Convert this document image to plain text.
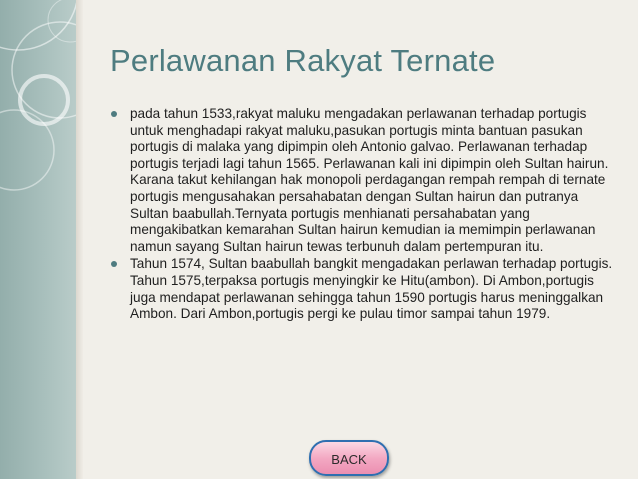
Perlawanan Rakyat Ternate
pada tahun 1533,rakyat maluku mengadakan perlawanan terhadap portugis untuk menghadapi rakyat maluku,pasukan portugis minta bantuan pasukan portugis di malaka yang dipimpin oleh Antonio galvao. Perlawanan terhadap portugis terjadi lagi tahun 1565. Perlawanan kali ini dipimpin oleh Sultan hairun. Karana takut kehilangan hak monopoli perdagangan rempah rempah di ternate portugis mengusahakan persahabatan dengan Sultan hairun dan putranya Sultan baabullah.Ternyata portugis menhianati persahabatan yang mengakibatkan kemarahan Sultan hairun kemudian ia memimpin perlawanan namun sayang Sultan hairun tewas terbunuh dalam pertempuran itu.
Tahun 1574, Sultan baabullah bangkit mengadakan perlawan terhadap portugis. Tahun 1575,terpaksa portugis menyingkir ke Hitu(ambon). Di Ambon,portugis juga mendapat perlawanan sehingga tahun 1590 portugis harus meninggalkan Ambon. Dari Ambon,portugis pergi ke pulau timor sampai tahun 1979.
BACK
